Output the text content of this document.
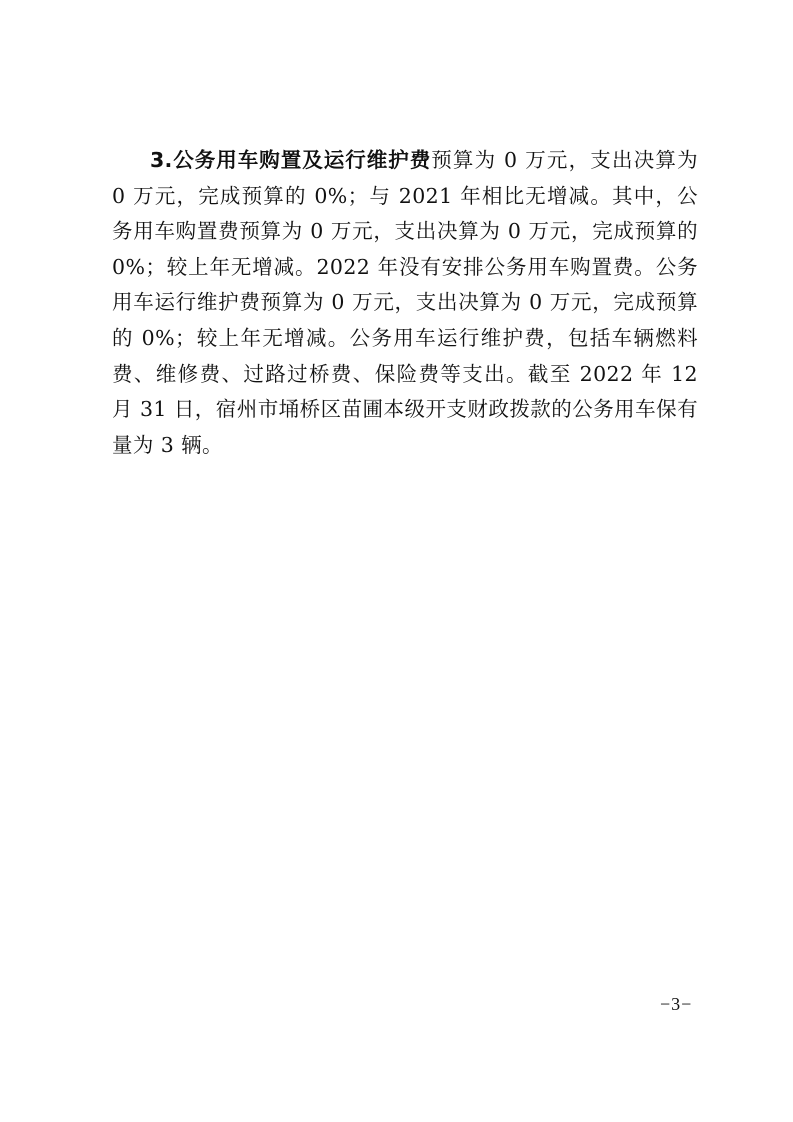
3.公务用车购置及运行维护费预算为 0 万元，支出决算为 0 万元，完成预算的 0%；与 2021 年相比无增减。其中，公务用车购置费预算为 0 万元，支出决算为 0 万元，完成预算的 0%；较上年无增减。2022 年没有安排公务用车购置费。公务用车运行维护费预算为 0 万元，支出决算为 0 万元，完成预算的 0%；较上年无增减。公务用车运行维护费，包括车辆燃料费、维修费、过路过桥费、保险费等支出。截至 2022 年 12 月 31 日，宿州市埇桥区苗圃本级开支财政拨款的公务用车保有量为 3 辆。

−3−
